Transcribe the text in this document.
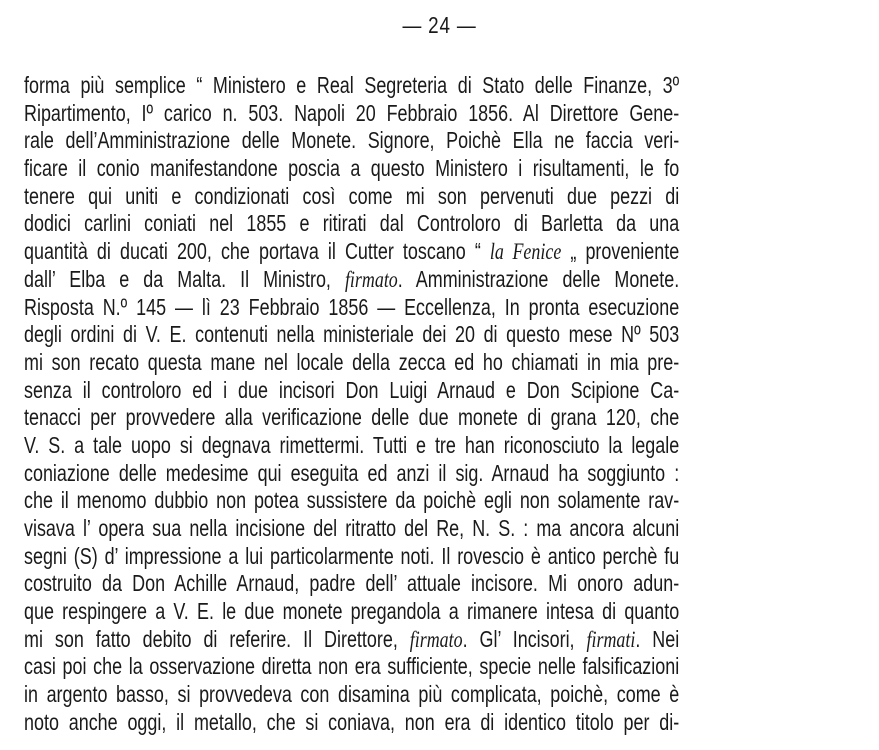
— 24 —
forma più semplice “ Ministero e Real Segreteria di Stato delle Finanze, 3º
Ripartimento, Iº carico n. 503. Napoli 20 Febbraio 1856. Al Direttore Gene-
rale dell’Amministrazione delle Monete. Signore, Poichè Ella ne faccia veri-
ficare il conio manifestandone poscia a questo Ministero i risultamenti, le fo
tenere qui uniti e condizionati così come mi son pervenuti due pezzi di
dodici carlini coniati nel 1855 e ritirati dal Controloro di Barletta da una
quantità di ducati 200, che portava il Cutter toscano “ la Fenice „ proveniente
dall’ Elba e da Malta. Il Ministro, firmato. Amministrazione delle Monete.
Risposta N.º 145 — lì 23 Febbraio 1856 — Eccellenza, In pronta esecuzione
degli ordini di V. E. contenuti nella ministeriale dei 20 di questo mese Nº 503
mi son recato questa mane nel locale della zecca ed ho chiamati in mia pre-
senza il controloro ed i due incisori Don Luigi Arnaud e Don Scipione Ca-
tenacci per provvedere alla verificazione delle due monete di grana 120, che
V. S. a tale uopo si degnava rimettermi. Tutti e tre han riconosciuto la legale
coniazione delle medesime qui eseguita ed anzi il sig. Arnaud ha soggiunto :
che il menomo dubbio non potea sussistere da poichè egli non solamente rav-
visava l’ opera sua nella incisione del ritratto del Re, N. S. : ma ancora alcuni
segni (S) d’ impressione a lui particolarmente noti. Il rovescio è antico perchè fu
costruito da Don Achille Arnaud, padre dell’ attuale incisore. Mi onoro adun-
que respingere a V. E. le due monete pregandola a rimanere intesa di quanto
mi son fatto debito di referire. Il Direttore, firmato. Gl’ Incisori, firmati. Nei
casi poi che la osservazione diretta non era sufficiente, specie nelle falsificazioni
in argento basso, si provvedeva con disamina più complicata, poichè, come è
noto anche oggi, il metallo, che si coniava, non era di identico titolo per di-
